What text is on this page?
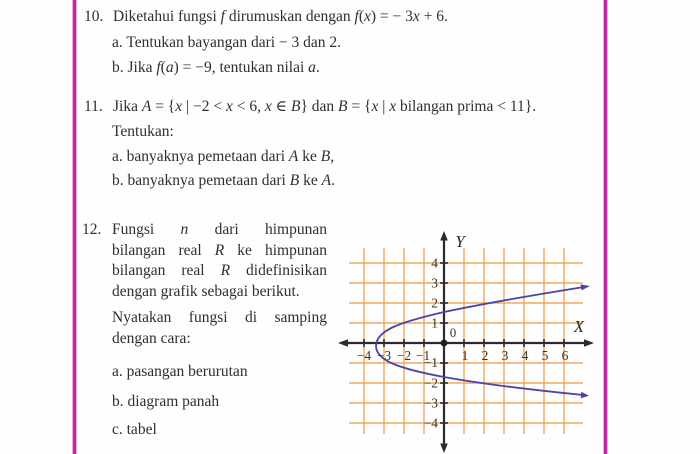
10. Diketahui fungsi f dirumuskan dengan f(x) = − 3x + 6.
a. Tentukan bayangan dari − 3 dan 2.
b. Jika f(a) = −9, tentukan nilai a.
11. Jika A = {x | −2 < x < 6, x ∈ B} dan B = {x | x bilangan prima < 11}.
Tentukan:
a. banyaknya pemetaan dari A ke B,
b. banyaknya pemetaan dari B ke A.
12. Fungsi n dari himpunan
bilangan real R ke himpunan
bilangan real R didefinisikan
dengan grafik sebagai berikut.
Nyatakan fungsi di samping
dengan cara:
a. pasangan berurutan
b. diagram panah
c. tabel
−4 −3 −2 −1 1 2 3 4 5 6
4
3
2
1
−1
−2
−3
−4
0	X
Y
